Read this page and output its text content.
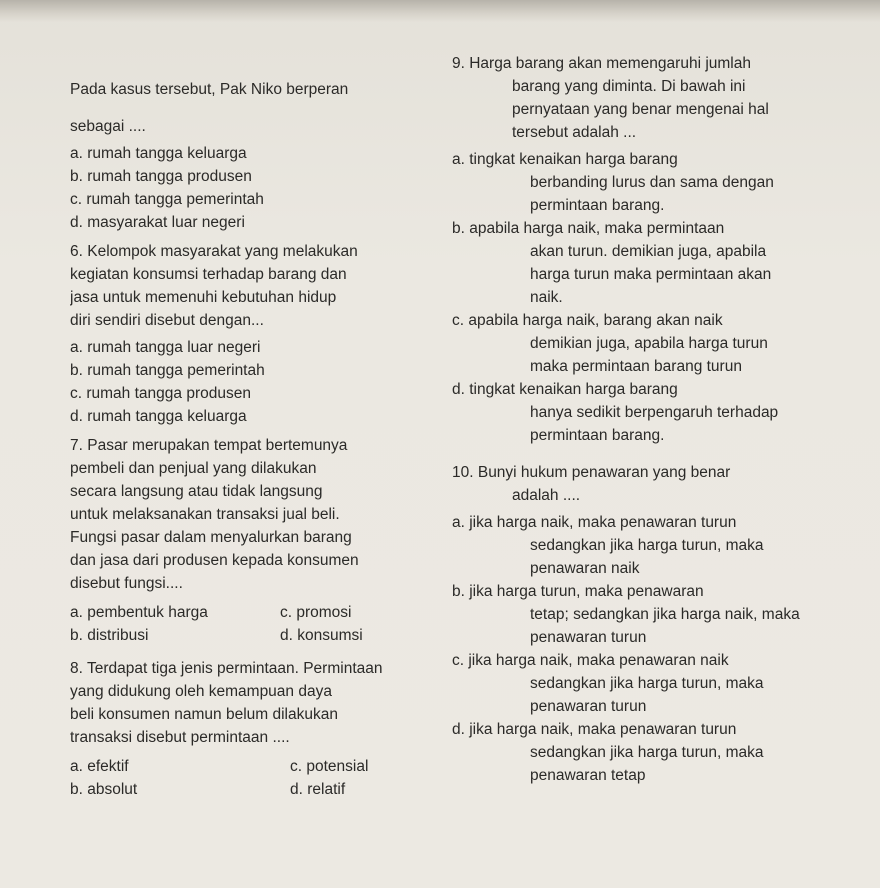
Pada kasus tersebut, Pak Niko berperan
sebagai ....
a. rumah tangga keluarga
b. rumah tangga produsen
c. rumah tangga pemerintah
d. masyarakat luar negeri
6. Kelompok masyarakat yang melakukan
kegiatan konsumsi terhadap barang dan
jasa untuk memenuhi kebutuhan hidup
diri sendiri disebut dengan...
a. rumah tangga luar negeri
b. rumah tangga pemerintah
c. rumah tangga produsen
d. rumah tangga keluarga
7. Pasar merupakan tempat bertemunya
pembeli dan penjual yang dilakukan
secara langsung atau tidak langsung
untuk melaksanakan transaksi jual beli.
Fungsi pasar dalam menyalurkan barang
dan jasa dari produsen kepada konsumen
disebut fungsi....
a. pembentuk harga	c. promosi
b. distribusi	d. konsumsi
8. Terdapat tiga jenis permintaan. Permintaan
yang didukung oleh kemampuan daya
beli konsumen namun belum dilakukan
transaksi disebut permintaan ....
a. efektif	c. potensial
b. absolut	d. relatif
9. Harga barang akan memengaruhi jumlah
barang yang diminta. Di bawah ini
pernyataan yang benar mengenai hal
tersebut adalah ...
a. tingkat kenaikan harga barang
berbanding lurus dan sama dengan
permintaan barang.
b. apabila harga naik, maka permintaan
akan turun. demikian juga, apabila
harga turun maka permintaan akan
naik.
c. apabila harga naik, barang akan naik
demikian juga, apabila harga turun
maka permintaan barang turun
d. tingkat kenaikan harga barang
hanya sedikit berpengaruh terhadap
permintaan barang.
10. Bunyi hukum penawaran yang benar
adalah ....
a. jika harga naik, maka penawaran turun
sedangkan jika harga turun, maka
penawaran naik
b. jika harga turun, maka penawaran
tetap; sedangkan jika harga naik, maka
penawaran turun
c. jika harga naik, maka penawaran naik
sedangkan jika harga turun, maka
penawaran turun
d. jika harga naik, maka penawaran turun
sedangkan jika harga turun, maka
penawaran tetap
